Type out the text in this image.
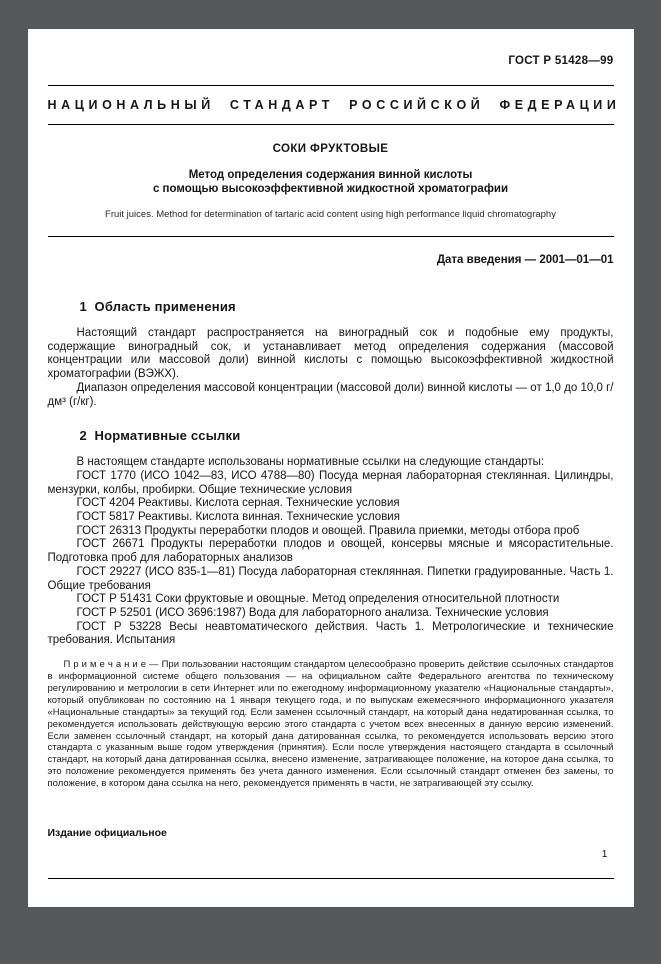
ГОСТ Р 51428—99
НАЦИОНАЛЬНЫЙ СТАНДАРТ РОССИЙСКОЙ ФЕДЕРАЦИИ
СОКИ ФРУКТОВЫЕ
Метод определения содержания винной кислоты
с помощью высокоэффективной жидкостной хроматографии
Fruit juices. Method for determination of tartaric acid content using high performance liquid chromatography
Дата введения — 2001—01—01
1  Область применения

Настоящий стандарт распространяется на виноградный сок и подобные ему продукты, содержащие виноградный сок, и устанавливает метод определения содержания (массовой концентрации или массовой доли) винной кислоты с помощью высокоэффективной жидкостной хроматографии (ВЭЖХ).

Диапазон определения массовой концентрации (массовой доли) винной кислоты — от 1,0 до 10,0 г/дм³ (г/кг).

2  Нормативные ссылки

В настоящем стандарте использованы нормативные ссылки на следующие стандарты:

ГОСТ 1770 (ИСО 1042—83, ИСО 4788—80) Посуда мерная лабораторная стеклянная. Цилиндры, мензурки, колбы, пробирки. Общие технические условия

ГОСТ 4204 Реактивы. Кислота серная. Технические условия

ГОСТ 5817 Реактивы. Кислота винная. Технические условия

ГОСТ 26313 Продукты переработки плодов и овощей. Правила приемки, методы отбора проб

ГОСТ 26671 Продукты переработки плодов и овощей, консервы мясные и мясорастительные. Подготовка проб для лабораторных анализов

ГОСТ 29227 (ИСО 835-1—81) Посуда лабораторная стеклянная. Пипетки градуированные. Часть 1. Общие требования

ГОСТ Р 51431 Соки фруктовые и овощные. Метод определения относительной плотности

ГОСТ Р 52501 (ИСО 3696:1987) Вода для лабораторного анализа. Технические условия

ГОСТ Р 53228 Весы неавтоматического действия. Часть 1. Метрологические и технические требования. Испытания

П р и м е ч а н и е — При пользовании настоящим стандартом целесообразно проверить действие ссылочных стандартов в информационной системе общего пользования — на официальном сайте Федерального агентства по техническому регулированию и метрологии в сети Интернет или по ежегодному информационному указателю «Национальные стандарты», который опубликован по состоянию на 1 января текущего года, и по выпускам ежемесячного информационного указателя «Национальные стандарты» за текущий год. Если заменен ссылочный стандарт, на который дана недатированная ссылка, то рекомендуется использовать действующую версию этого стандарта с учетом всех внесенных в данную версию изменений. Если заменен ссылочный стандарт, на который дана датированная ссылка, то рекомендуется использовать версию этого стандарта с указанным выше годом утверждения (принятия). Если после утверждения настоящего стандарта в ссылочный стандарт, на который дана датированная ссылка, внесено изменение, затрагивающее положение, на которое дана ссылка, то это положение рекомендуется применять без учета данного изменения. Если ссылочный стандарт отменен без замены, то положение, в котором дана ссылка на него, рекомендуется применять в части, не затрагивающей эту ссылку.

Издание официальное
1
